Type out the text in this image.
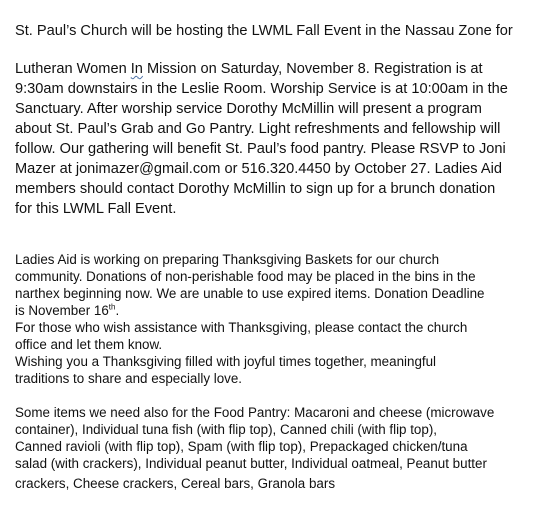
St. Paul’s Church will be hosting the LWML Fall Event in the Nassau Zone for
Lutheran Women In Mission on Saturday, November 8. Registration is at
9:30am downstairs in the Leslie Room. Worship Service is at 10:00am in the
Sanctuary. After worship service Dorothy McMillin will present a program
about St. Paul’s Grab and Go Pantry. Light refreshments and fellowship will
follow. Our gathering will benefit St. Paul’s food pantry. Please RSVP to Joni
Mazer at jonimazer@gmail.com or 516.320.4450 by October 27. Ladies Aid
members should contact Dorothy McMillin to sign up for a brunch donation
for this LWML Fall Event.
Ladies Aid is working on preparing Thanksgiving Baskets for our church
community. Donations of non-perishable food may be placed in the bins in the
narthex beginning now. We are unable to use expired items. Donation Deadline
is November 16th.
For those who wish assistance with Thanksgiving, please contact the church
office and let them know.
Wishing you a Thanksgiving filled with joyful times together, meaningful
traditions to share and especially love.
Some items we need also for the Food Pantry: Macaroni and cheese (microwave
container), Individual tuna fish (with flip top), Canned chili (with flip top),
Canned ravioli (with flip top), Spam (with flip top), Prepackaged chicken/tuna
salad (with crackers), Individual peanut butter, Individual oatmeal, Peanut butter
crackers, Cheese crackers, Cereal bars, Granola bars
